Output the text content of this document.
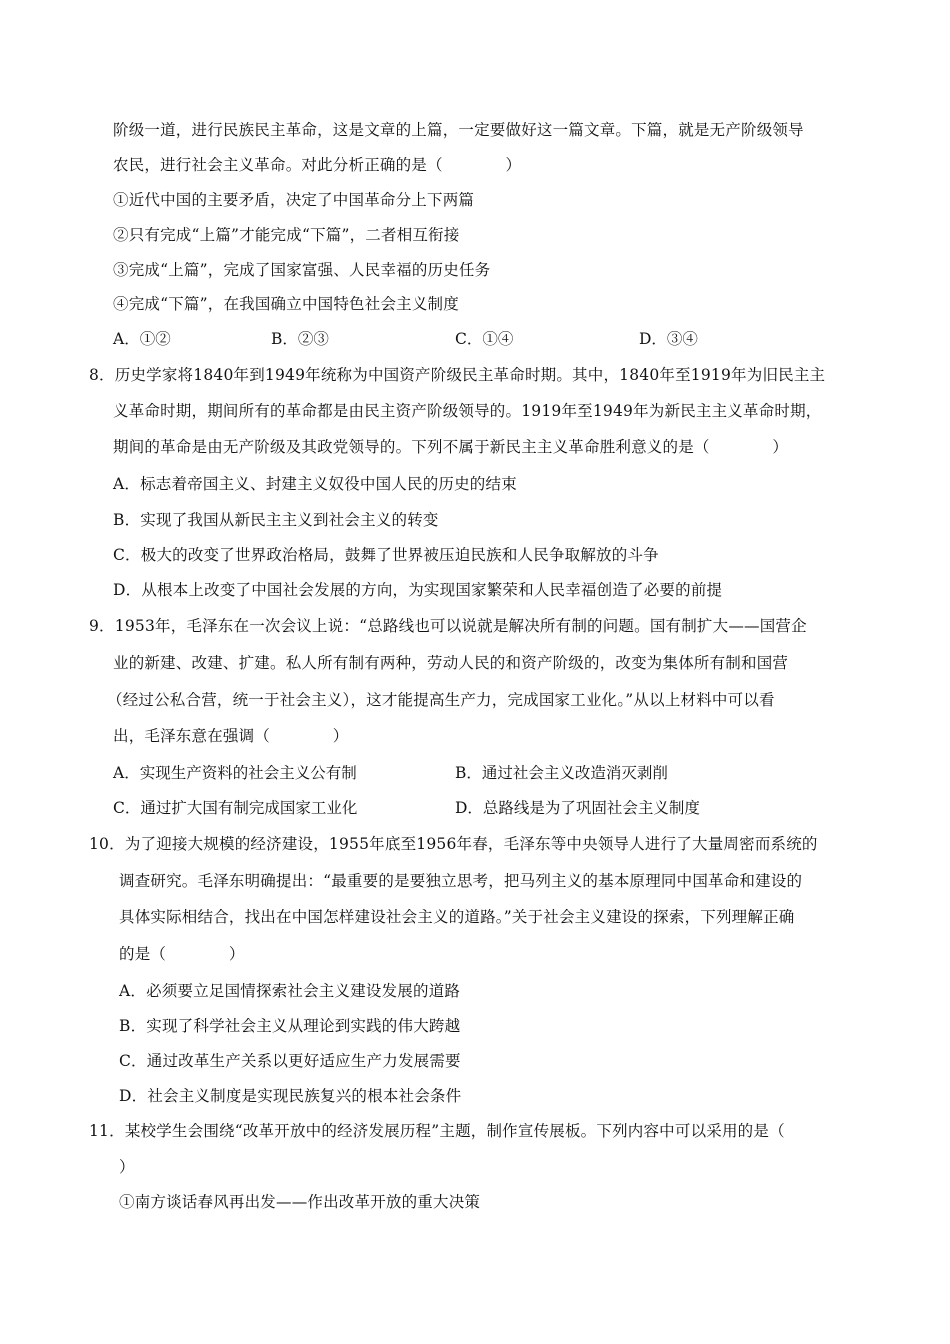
阶级一道，进行民族民主革命，这是文章的上篇，一定要做好这一篇文章。下篇，就是无产阶级领导
农民，进行社会主义革命。对此分析正确的是（　　　　）
①近代中国的主要矛盾，决定了中国革命分上下两篇
②只有完成“上篇”才能完成“下篇”，二者相互衔接
③完成“上篇”，完成了国家富强、人民幸福的历史任务
④完成“下篇”，在我国确立中国特色社会主义制度
A．①②	B．②③	C．①④	D．③④
8．历史学家将1840年到1949年统称为中国资产阶级民主革命时期。其中，1840年至1919年为旧民主主
义革命时期，期间所有的革命都是由民主资产阶级领导的。1919年至1949年为新民主主义革命时期，
期间的革命是由无产阶级及其政党领导的。下列不属于新民主主义革命胜利意义的是（　　　　）
A．标志着帝国主义、封建主义奴役中国人民的历史的结束
B．实现了我国从新民主主义到社会主义的转变
C．极大的改变了世界政治格局，鼓舞了世界被压迫民族和人民争取解放的斗争
D．从根本上改变了中国社会发展的方向，为实现国家繁荣和人民幸福创造了必要的前提
9．1953年，毛泽东在一次会议上说：“总路线也可以说就是解决所有制的问题。国有制扩大——国营企
业的新建、改建、扩建。私人所有制有两种，劳动人民的和资产阶级的，改变为集体所有制和国营
（经过公私合营，统一于社会主义），这才能提高生产力，完成国家工业化。”从以上材料中可以看
出，毛泽东意在强调（　　　　）
A．实现生产资料的社会主义公有制	B．通过社会主义改造消灭剥削
C．通过扩大国有制完成国家工业化	D．总路线是为了巩固社会主义制度
10．为了迎接大规模的经济建设，1955年底至1956年春，毛泽东等中央领导人进行了大量周密而系统的
调查研究。毛泽东明确提出：“最重要的是要独立思考，把马列主义的基本原理同中国革命和建设的
具体实际相结合，找出在中国怎样建设社会主义的道路。”关于社会主义建设的探索，下列理解正确
的是（　　　　）
A．必须要立足国情探索社会主义建设发展的道路
B．实现了科学社会主义从理论到实践的伟大跨越
C．通过改革生产关系以更好适应生产力发展需要
D．社会主义制度是实现民族复兴的根本社会条件
11．某校学生会围绕“改革开放中的经济发展历程”主题，制作宣传展板。下列内容中可以采用的是（
）
①南方谈话春风再出发——作出改革开放的重大决策
